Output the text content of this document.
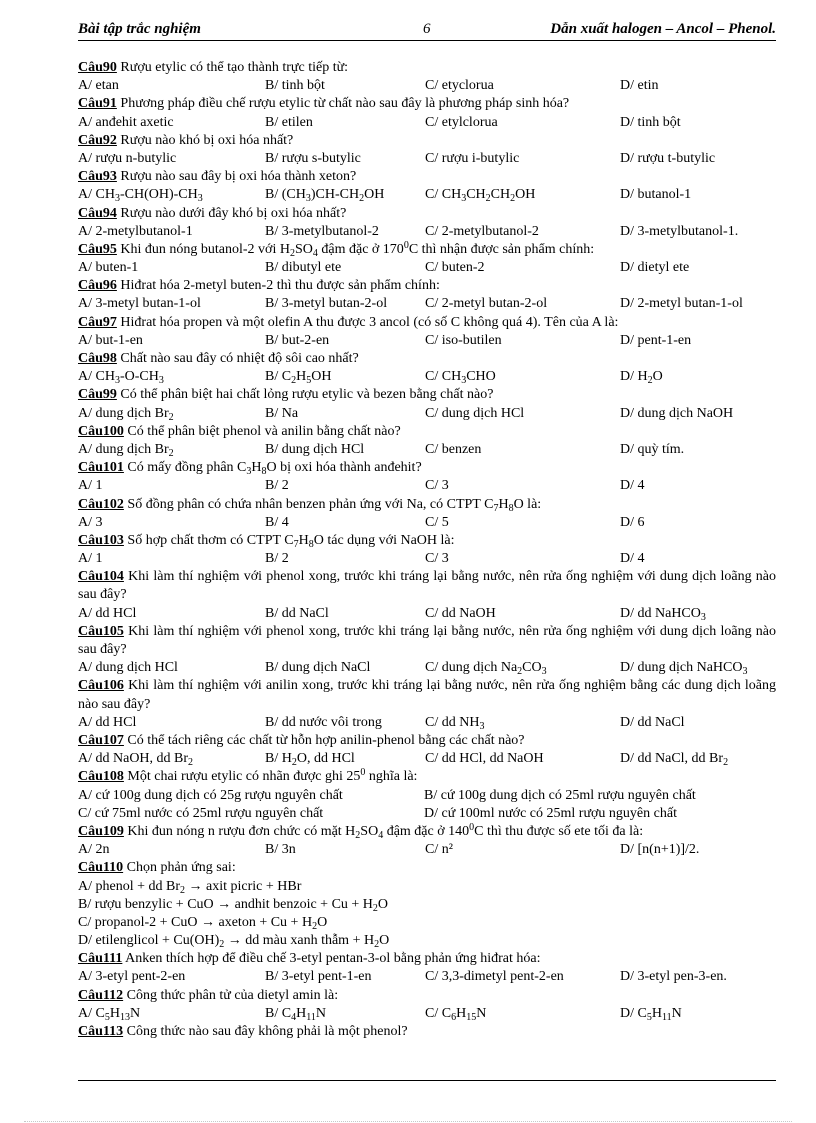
Bài tập trắc nghiệm	6	Dẫn xuất halogen – Ancol – Phenol.
Câu90 Rượu etylic có thể tạo thành trực tiếp từ:
A/ etan	B/ tinh bột	C/ etyclorua	D/ etin
Câu91 Phương pháp điều chế rượu etylic từ chất nào sau đây là phương pháp sinh hóa?
A/ anđehit axetic	B/ etilen	C/ etylclorua	D/ tinh bột
Câu92 Rượu nào khó bị oxi hóa nhất?
A/ rượu n-butylic	B/ rượu s-butylic	C/ rượu i-butylic	D/ rượu t-butylic
Câu93 Rượu nào sau đây bị oxi hóa thành xeton?
A/ $CH_3-CH(OH)-CH_3$	B/ $(CH_3)CH-CH_2OH$	C/ $CH_3CH_2CH_2OH$	D/ butanol-1
Câu94 Rượu nào dưới đây khó bị oxi hóa nhất?
A/ 2-metylbutanol-1	B/ 3-metylbutanol-2	C/ 2-metylbutanol-2	D/ 3-metylbutanol-1.
Câu95 Khi đun nóng butanol-2 với $H_2SO_4$ đậm đặc ở $170^0C$ thì nhận được sản phẩm chính:
A/ buten-1	B/ dibutyl ete	C/ buten-2	D/ dietyl ete
Câu96 Hiđrat hóa 2-metyl buten-2 thì thu được sản phẩm chính:
A/ 3-metyl butan-1-ol	B/ 3-metyl butan-2-ol	C/ 2-metyl butan-2-ol	D/ 2-metyl butan-1-ol
Câu97 Hiđrat hóa propen và một olefin A thu được 3 ancol (có số C không quá 4). Tên của A là:
A/ but-1-en	B/ but-2-en	C/ iso-butilen	D/ pent-1-en
Câu98 Chất nào sau đây có nhiệt độ sôi cao nhất?
A/ $CH_3-O-CH_3$	B/ $C_2H_5OH$	C/ $CH_3CHO$	D/ $H_2O$
Câu99 Có thể phân biệt hai chất lỏng rượu etylic và bezen bằng chất nào?
A/ dung dịch $Br_2$	B/ Na	C/ dung dịch HCl	D/ dung dịch NaOH
Câu100 Có thể phân biệt phenol và anilin bằng chất nào?
A/ dung dịch $Br_2$	B/ dung dịch HCl	C/ benzen	D/ quỳ tím.
Câu101 Có mấy đồng phân $C_3H_8O$ bị oxi hóa thành anđehit?
A/ 1	B/ 2	C/ 3	D/ 4
Câu102 Số đồng phân có chứa nhân benzen phản ứng với Na, có CTPT $C_7H_8O$ là:
A/ 3	B/ 4	C/ 5	D/ 6
Câu103 Số hợp chất thơm có CTPT $C_7H_8O$ tác dụng với NaOH là:
A/ 1	B/ 2	C/ 3	D/ 4
Câu104 Khi làm thí nghiệm với phenol xong, trước khi tráng lại bằng nước, nên rửa ống nghiệm với dung dịch loãng nào sau đây?
A/ dd HCl	B/ dd NaCl	C/ dd NaOH	D/ dd NaHCO$_3$
Câu105 Khi làm thí nghiệm với phenol xong, trước khi tráng lại bằng nước, nên rửa ống nghiệm với dung dịch loãng nào sau đây?
A/ dung dịch HCl	B/ dung dịch NaCl	C/ dung dịch $Na_2CO_3$	D/ dung dịch NaHCO$_3$
Câu106 Khi làm thí nghiệm với anilin xong, trước khi tráng lại bằng nước, nên rửa ống nghiệm bằng các dung dịch loãng nào sau đây?
A/ dd HCl	B/ dd nước vôi trong	C/ dd $NH_3$	D/ dd NaCl
Câu107 Có thể tách riêng các chất từ hỗn hợp anilin-phenol bằng các chất nào?
A/ dd NaOH, dd $Br_2$	B/ $H_2O$, dd HCl	C/ dd HCl, dd NaOH	D/ dd NaCl, dd $Br_2$
Câu108 Một chai rượu etylic có nhãn được ghi $25^0$ nghĩa là:
A/ cứ 100g dung dịch có 25g rượu nguyên chất	B/ cứ 100g dung dịch có 25ml rượu nguyên chất
C/ cứ 75ml nước có 25ml rượu nguyên chất	D/ cứ 100ml nước có 25ml rượu nguyên chất
Câu109 Khi đun nóng n rượu đơn chức có mặt $H_2SO_4$ đậm đặc ở $140^0C$ thì thu được số ete tối đa là:
A/ 2n	B/ 3n	C/ n²	D/ [n(n+1)]/2.
Câu110 Chọn phản ứng sai:
A/ phenol + dd $Br_2$ → axit picric + HBr
B/ rượu benzylic + CuO → andhit benzoic + $Cu + H_2O$
C/ propanol-2 + CuO → axeton + $Cu + H_2O$
D/ etilenglicol + $Cu(OH)_2$ → dd màu xanh thẫm + $H_2O$
Câu111 Anken thích hợp để điều chế 3-etyl pentan-3-ol bằng phản ứng hiđrat hóa:
A/ 3-etyl pent-2-en	B/ 3-etyl pent-1-en	C/ 3,3-dimetyl pent-2-en	D/ 3-etyl pen-3-en.
Câu112 Công thức phân tử của dietyl amin là:
A/ $C_5H_{13}N$	B/ $C_4H_{11}N$	C/ $C_6H_{15}N$	D/ $C_5H_{11}N$
Câu113 Công thức nào sau đây không phải là một phenol?
